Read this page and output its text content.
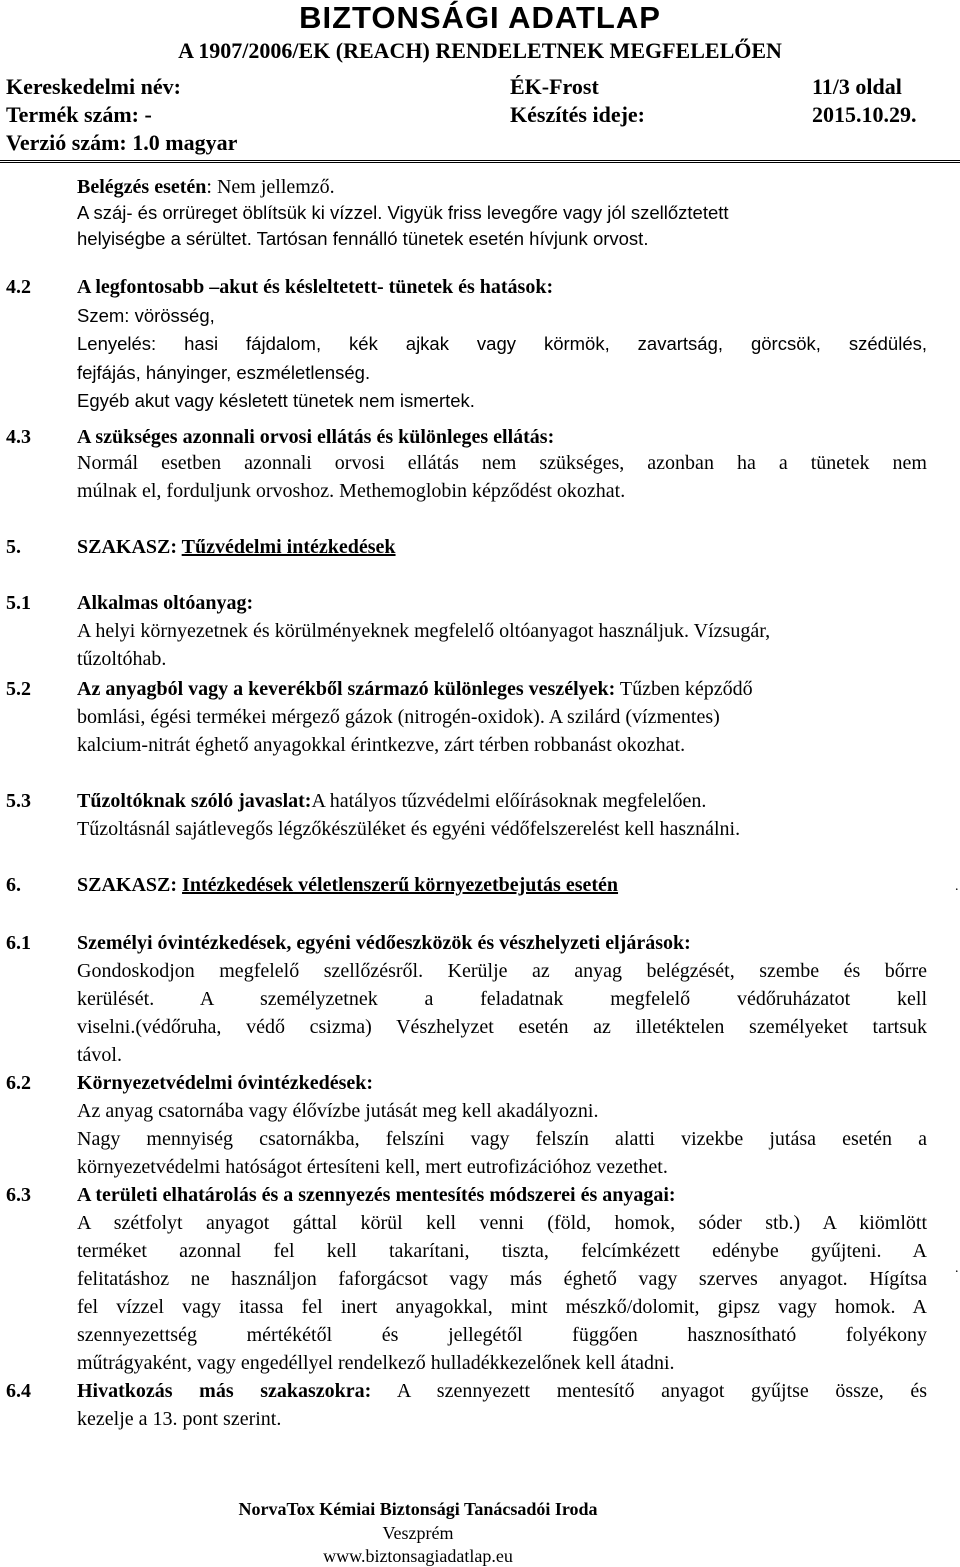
BIZTONSÁGI ADATLAP
A 1907/2006/EK (REACH) RENDELETNEK MEGFELELŐEN
Kereskedelmi név:	ÉK-Frost	11/3 oldal
Termék szám: -	Készítés ideje:	2015.10.29.
Verzió szám: 1.0 magyar
Belégzés esetén: Nem jellemző.
A száj- és orrüreget öblítsük ki vízzel. Vigyük friss levegőre vagy jól szellőztetett
helyiségbe a sérültet. Tartósan fennálló tünetek esetén hívjunk orvost.
4.2 A legfontosabb –akut és késleltetett- tünetek és hatások:
Szem: vörösség,
Lenyelés: hasi fájdalom, kék ajkak vagy körmök, zavartság, görcsök, szédülés,
fejfájás, hányinger, eszméletlenség.
Egyéb akut vagy késletett tünetek nem ismertek.
4.3 A szükséges azonnali orvosi ellátás és különleges ellátás:
Normál esetben azonnali orvosi ellátás nem szükséges, azonban ha a tünetek nem
múlnak el, forduljunk orvoshoz. Methemoglobin képződést okozhat.
5.	SZAKASZ: Tűzvédelmi intézkedések
5.1 Alkalmas oltóanyag:
A helyi környezetnek és körülményeknek megfelelő oltóanyagot használjuk. Vízsugár,
tűzoltóhab.
5.2 Az anyagból vagy a keverékből származó különleges veszélyek: Tűzben képződő
bomlási, égési termékei mérgező gázok (nitrogén-oxidok). A szilárd (vízmentes)
kalcium-nitrát éghető anyagokkal érintkezve, zárt térben robbanást okozhat.
5.3 Tűzoltóknak szóló javaslat:A hatályos tűzvédelmi előírásoknak megfelelően.
Tűzoltásnál sajátlevegős légzőkészüléket és egyéni védőfelszerelést kell használni.
6.	SZAKASZ: Intézkedések véletlenszerű környezetbejutás esetén	.
6.1 Személyi óvintézkedések, egyéni védőeszközök és vészhelyzeti eljárások:
Gondoskodjon megfelelő szellőzésről. Kerülje az anyag belégzését, szembe és bőrre
kerülését. A személyzetnek a feladatnak megfelelő védőruházatot kell
viselni.(védőruha, védő csizma) Vészhelyzet esetén az illetéktelen személyeket tartsuk
távol.
6.2 Környezetvédelmi óvintézkedések:
Az anyag csatornába vagy élővízbe jutását meg kell akadályozni.
Nagy mennyiség csatornákba, felszíni vagy felszín alatti vizekbe jutása esetén a
környezetvédelmi hatóságot értesíteni kell, mert eutrofizációhoz vezethet.
6.3 A területi elhatárolás és a szennyezés mentesítés módszerei és anyagai:
A szétfolyt anyagot gáttal körül kell venni (föld, homok, sóder stb.) A kiömlött
terméket azonnal fel kell takarítani, tiszta, felcímkézett edénybe gyűjteni. A
felitatáshoz ne használjon faforgácsot vagy más éghető vagy szerves anyagot. Hígítsa
fel vízzel vagy itassa fel inert anyagokkal, mint mészkő/dolomit, gipsz vagy homok. A
szennyezettség mértékétől és jellegétől függően hasznosítható folyékony
műtrágyaként, vagy engedéllyel rendelkező hulladékkezelőnek kell átadni.
.
6.4 Hivatkozás más szakaszokra: A szennyezett mentesítő anyagot gyűjtse össze, és
kezelje a 13. pont szerint.
NorvaTox Kémiai Biztonsági Tanácsadói Iroda
Veszprém
www.biztonsagiadatlap.eu
